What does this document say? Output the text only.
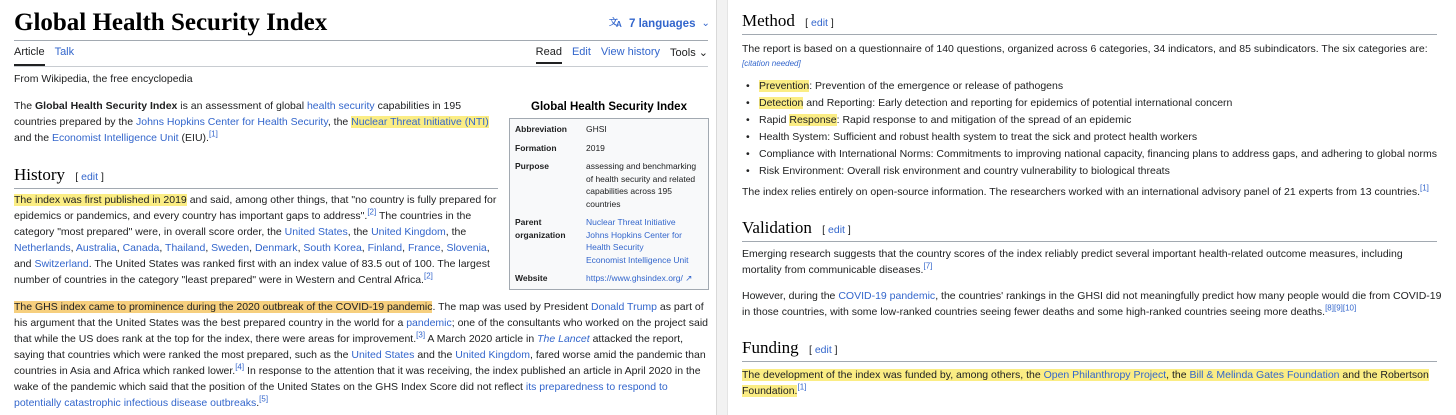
Global Health Security Index	文
A 7 languages ⌄
Article Talk	Read Edit View history Tools ⌄
From Wikipedia, the free encyclopedia

The Global Health Security Index is an assessment of global health security capabilities in 195 countries prepared by the Johns Hopkins Center for Health Security, the Nuclear Threat Initiative (NTI) and the Economist Intelligence Unit (EIU).[1]

History   [ edit ]

The index was first published in 2019 and said, among other things, that "no country is fully prepared for epidemics or pandemics, and every country has important gaps to address".[2] The countries in the category "most prepared" were, in overall score order, the United States, the United Kingdom, the Netherlands, Australia, Canada, Thailand, Sweden, Denmark, South Korea, Finland, France, Slovenia, and Switzerland. The United States was ranked first with an index value of 83.5 out of 100. The largest number of countries in the category "least prepared" were in Western and Central Africa.[2]

The GHS index came to prominence during the 2020 outbreak of the COVID-19 pandemic. The map was used by President Donald Trump as part of his argument that the United States was the best prepared country in the world for a pandemic; one of the consultants who worked on the project said that while the US does rank at the top for the index, there were areas for improvement.[3] A March 2020 article in The Lancet attacked the report, saying that countries which were ranked the most prepared, such as the United States and the United Kingdom, fared worse amid the pandemic than countries in Asia and Africa which ranked lower.[4] In response to the attention that it was receiving, the index published an article in April 2020 in the wake of the pandemic which said that the position of the United States on the GHS Index Score did not reflect its preparedness to respond to potentially catastrophic infectious disease outbreaks.[5]

Global Health Security Index
Abbreviation	GHSI
Formation	2019
Purpose	assessing and benchmarking of health security and related capabilities across 195 countries
Parent organization
Nuclear Threat Initiative
Johns Hopkins Center for Health Security
Economist Intelligence Unit
Website	https://www.ghsindex.org/ ↗
Method   [ edit ]

The report is based on a questionnaire of 140 questions, organized across 6 categories, 34 indicators, and 85 subindicators. The six categories are:
[citation needed]

• Prevention: Prevention of the emergence or release of pathogens
• Detection and Reporting: Early detection and reporting for epidemics of potential international concern
• Rapid Response: Rapid response to and mitigation of the spread of an epidemic
• Health System: Sufficient and robust health system to treat the sick and protect health workers
• Compliance with International Norms: Commitments to improving national capacity, financing plans to address gaps, and adhering to global norms
• Risk Environment: Overall risk environment and country vulnerability to biological threats

The index relies entirely on open-source information. The researchers worked with an international advisory panel of 21 experts from 13 countries.[1]

Validation   [ edit ]

Emerging research suggests that the country scores of the index reliably predict several important health-related outcome measures, including mortality from communicable diseases.[7]

However, during the COVID-19 pandemic, the countries' rankings in the GHSI did not meaningfully predict how many people would die from COVID-19 in those countries, with some low-ranked countries seeing fewer deaths and some high-ranked countries seeing more deaths.[8][9][10]

Funding   [ edit ]

The development of the index was funded by, among others, the Open Philanthropy Project, the Bill & Melinda Gates Foundation and the Robertson Foundation.[1]
